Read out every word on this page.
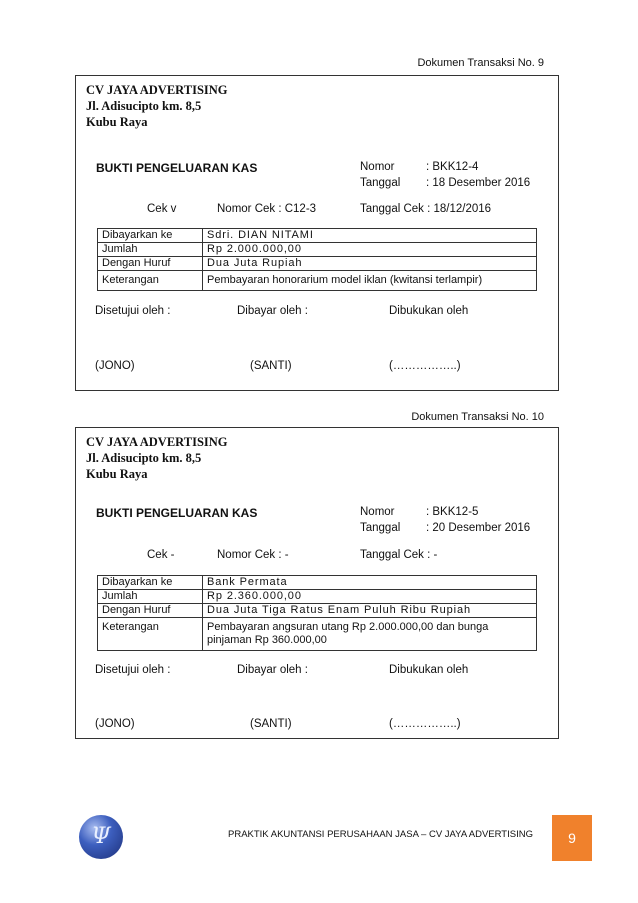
Dokumen Transaksi No. 9
CV JAYA ADVERTISING
Jl. Adisucipto km. 8,5
Kubu Raya
BUKTI PENGELUARAN KAS	Nomor	: BKK12-4
Tanggal : 18 Desember 2016
Cek v	Nomor Cek : C12-3	Tanggal Cek : 18/12/2016
Dibayarkan ke	Sdri. DIAN NITAMI
Jumlah	Rp 2.000.000,00
Dengan Huruf	Dua Juta Rupiah
Keterangan	Pembayaran honorarium model iklan (kwitansi terlampir)
Disetujui oleh :	Dibayar oleh :	Dibukukan oleh
(JONO)	(SANTI)	(……………..)
Dokumen Transaksi No. 10
CV JAYA ADVERTISING
Jl. Adisucipto km. 8,5
Kubu Raya
BUKTI PENGELUARAN KAS	Nomor	: BKK12-5
Tanggal : 20 Desember 2016
Cek -	Nomor Cek : -	Tanggal Cek : -
Dibayarkan ke	Bank Permata
Jumlah	Rp 2.360.000,00
Dengan Huruf	Dua Juta Tiga Ratus Enam Puluh Ribu Rupiah
Keterangan	Pembayaran angsuran utang Rp 2.000.000,00 dan bunga pinjaman Rp 360.000,00
Disetujui oleh :	Dibayar oleh :	Dibukukan oleh
(JONO)	(SANTI)	(……………..)
Ψ	PRAKTIK AKUNTANSI PERUSAHAAN JASA – CV JAYA ADVERTISING	9
